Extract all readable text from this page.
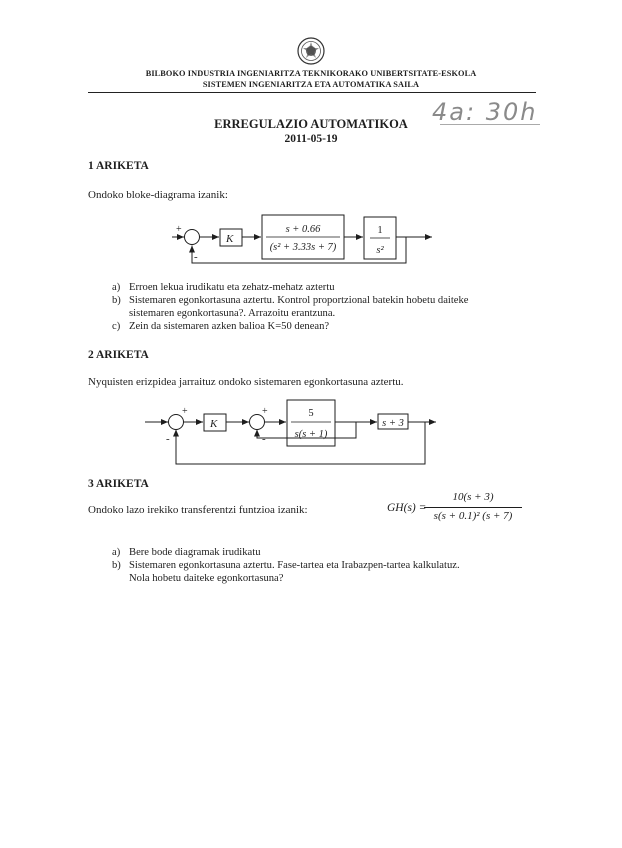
BILBOKO INDUSTRIA INGENIARITZA TEKNIKORAKO UNIBERTSITATE-ESKOLA
SISTEMEN INGENIARITZA ETA AUTOMATIKA SAILA
4a: 30h
ERREGULAZIO AUTOMATIKOA
2011-05-19
1 ARIKETA
Ondoko bloke-diagrama izanik:
+
-
K
s + 0.66
(s² + 3.33s + 7)
1
s²
a) Erroen lekua irudikatu eta zehatz-mehatz aztertu
b) Sistemaren egonkortasuna aztertu. Kontrol proportzional batekin hobetu daiteke
sistemaren egonkortasuna?. Arrazoitu erantzuna.
c) Zein da sistemaren azken balioa K=50 denean?
2 ARIKETA
Nyquisten erizpidea jarraituz ondoko sistemaren egonkortasuna aztertu.
+
-
K
+
-
5
s(s + 1)
s + 3
3 ARIKETA
Ondoko lazo irekiko transferentzi funtzioa izanik:	GH(s) =
10(s + 3)
s(s + 0.1)² (s + 7)
a) Bere bode diagramak irudikatu
b) Sistemaren egonkortasuna aztertu. Fase-tartea eta Irabazpen-tartea kalkulatuz.
Nola hobetu daiteke egonkortasuna?
